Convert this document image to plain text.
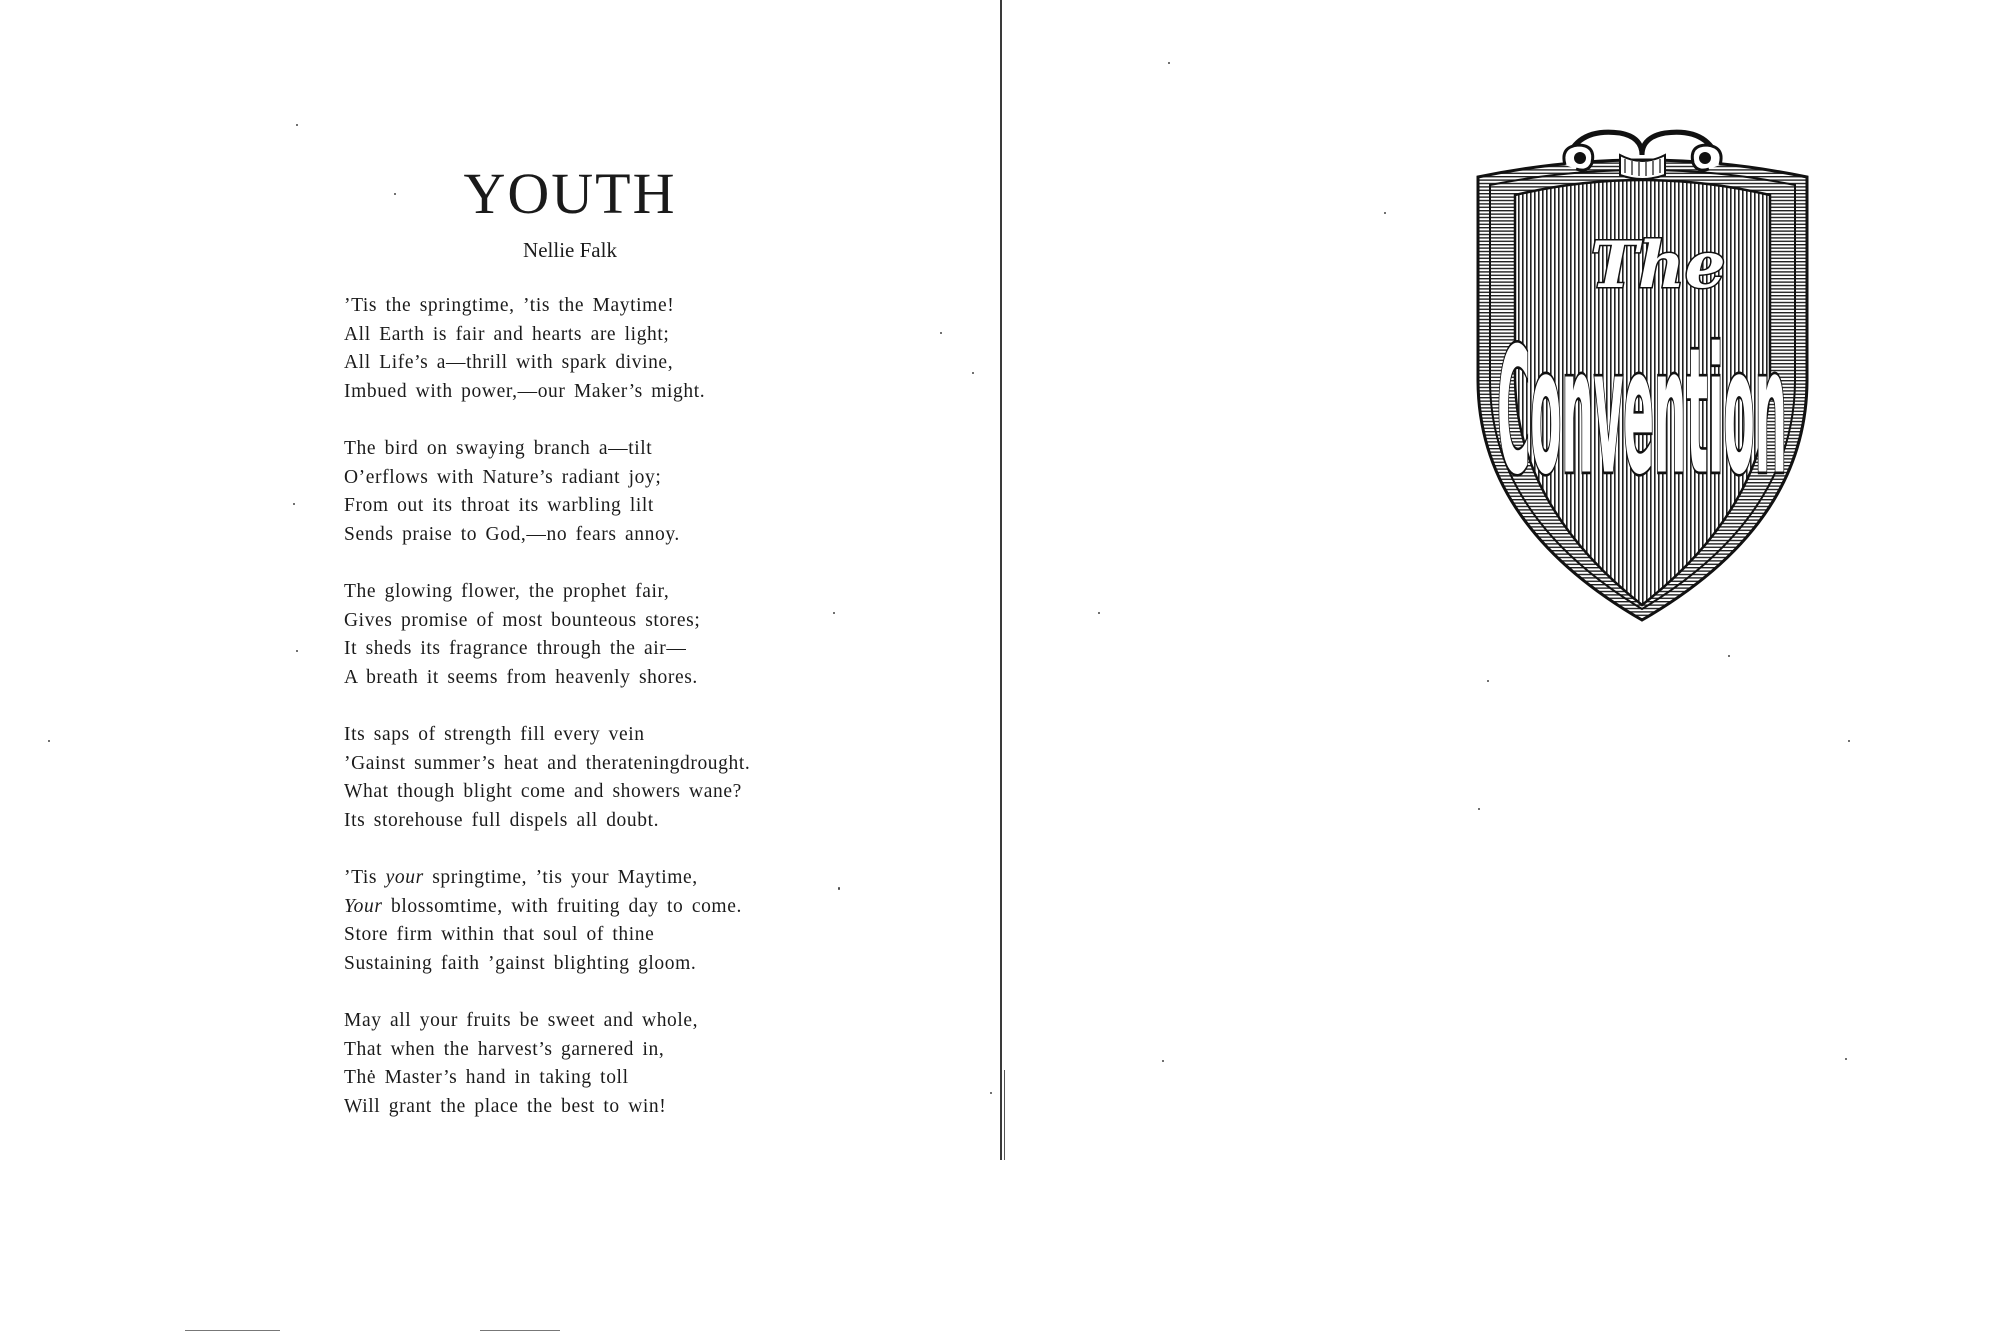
YOUTH

Nellie Falk

’Tis the springtime, ’tis the Maytime!
All Earth is fair and hearts are light;
All Life’s a—thrill with spark divine,
Imbued with power,—our Maker’s might.
The bird on swaying branch a—tilt
O’erflows with Nature’s radiant joy;
From out its throat its warbling lilt
Sends praise to God,—no fears annoy.
The glowing flower, the prophet fair,
Gives promise of most bounteous stores;
It sheds its fragrance through the air—
A breath it seems from heavenly shores.
Its saps of strength fill every vein
’Gainst summer’s heat and therateningdrought.
What though blight come and showers wane?
Its storehouse full dispels all doubt.
’Tis your springtime, ’tis your Maytime,
Your blossomtime, with fruiting day to come.
Store firm within that soul of thine
Sustaining faith ’gainst blighting gloom.
May all your fruits be sweet and whole,
That when the harvest’s garnered in,
Thė Master’s hand in taking toll
Will grant the place the best to win!
The
Convention
